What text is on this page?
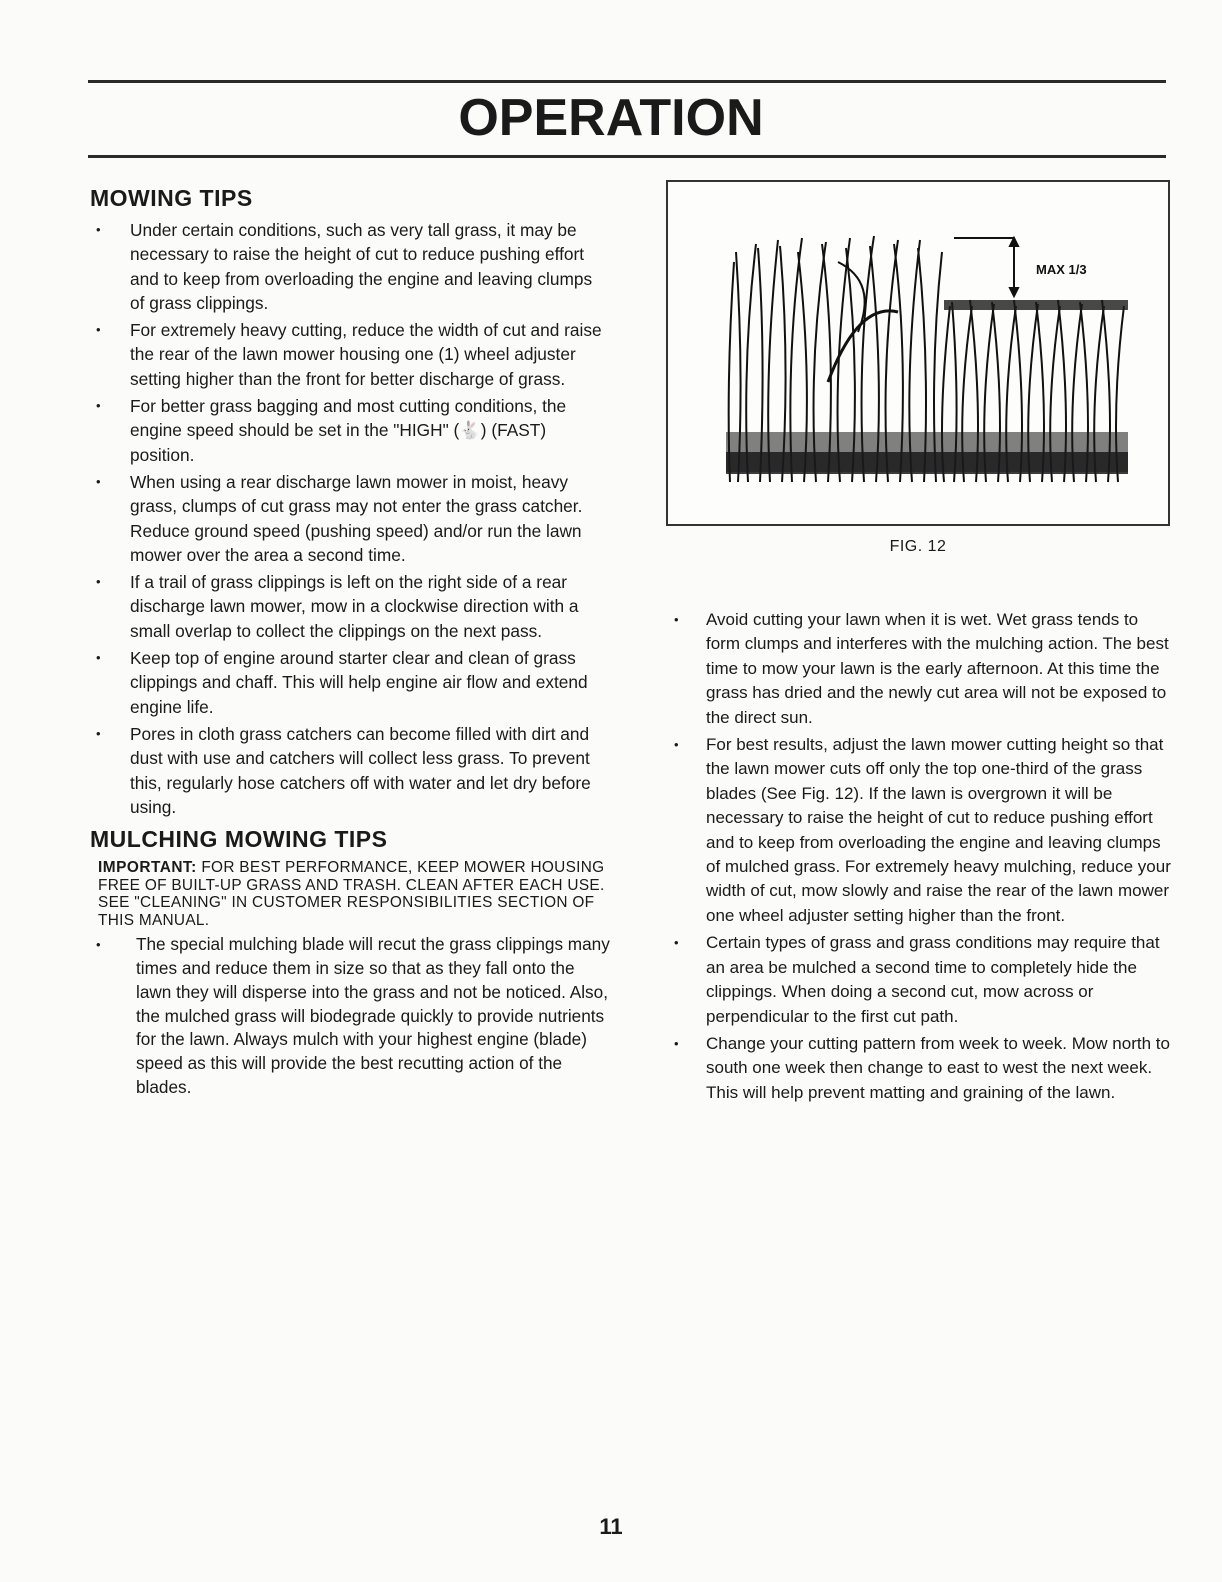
OPERATION
MOWING TIPS
• Under certain conditions, such as very tall grass, it may be necessary to raise the height of cut to reduce pushing effort and to keep from overloading the engine and leaving clumps of grass clippings.
• For extremely heavy cutting, reduce the width of cut and raise the rear of the lawn mower housing one (1) wheel adjuster setting higher than the front for better discharge of grass.
• For better grass bagging and most cutting conditions, the engine speed should be set in the "HIGH" (🐇) (FAST) position.
• When using a rear discharge lawn mower in moist, heavy grass, clumps of cut grass may not enter the grass catcher. Reduce ground speed (pushing speed) and/or run the lawn mower over the area a second time.
• If a trail of grass clippings is left on the right side of a rear discharge lawn mower, mow in a clockwise direction with a small overlap to collect the clippings on the next pass.
• Keep top of engine around starter clear and clean of grass clippings and chaff. This will help engine air flow and extend engine life.
• Pores in cloth grass catchers can become filled with dirt and dust with use and catchers will collect less grass. To prevent this, regularly hose catchers off with water and let dry before using.
MULCHING MOWING TIPS
IMPORTANT: FOR BEST PERFORMANCE, KEEP MOWER HOUSING FREE OF BUILT-UP GRASS AND TRASH. CLEAN AFTER EACH USE. SEE "CLEANING" IN CUSTOMER RESPONSIBILITIES SECTION OF THIS MANUAL.
• The special mulching blade will recut the grass clippings many times and reduce them in size so that as they fall onto the lawn they will disperse into the grass and not be noticed. Also, the mulched grass will biodegrade quickly to provide nutrients for the lawn. Always mulch with your highest engine (blade) speed as this will provide the best recutting action of the blades.
MAX 1/3
FIG. 12
• Avoid cutting your lawn when it is wet. Wet grass tends to form clumps and interferes with the mulching action. The best time to mow your lawn is the early afternoon. At this time the grass has dried and the newly cut area will not be exposed to the direct sun.
• For best results, adjust the lawn mower cutting height so that the lawn mower cuts off only the top one-third of the grass blades (See Fig. 12). If the lawn is overgrown it will be necessary to raise the height of cut to reduce pushing effort and to keep from overloading the engine and leaving clumps of mulched grass. For extremely heavy mulching, reduce your width of cut, mow slowly and raise the rear of the lawn mower one wheel adjuster setting higher than the front.
• Certain types of grass and grass conditions may require that an area be mulched a second time to completely hide the clippings. When doing a second cut, mow across or perpendicular to the first cut path.
• Change your cutting pattern from week to week. Mow north to south one week then change to east to west the next week. This will help prevent matting and graining of the lawn.
11
